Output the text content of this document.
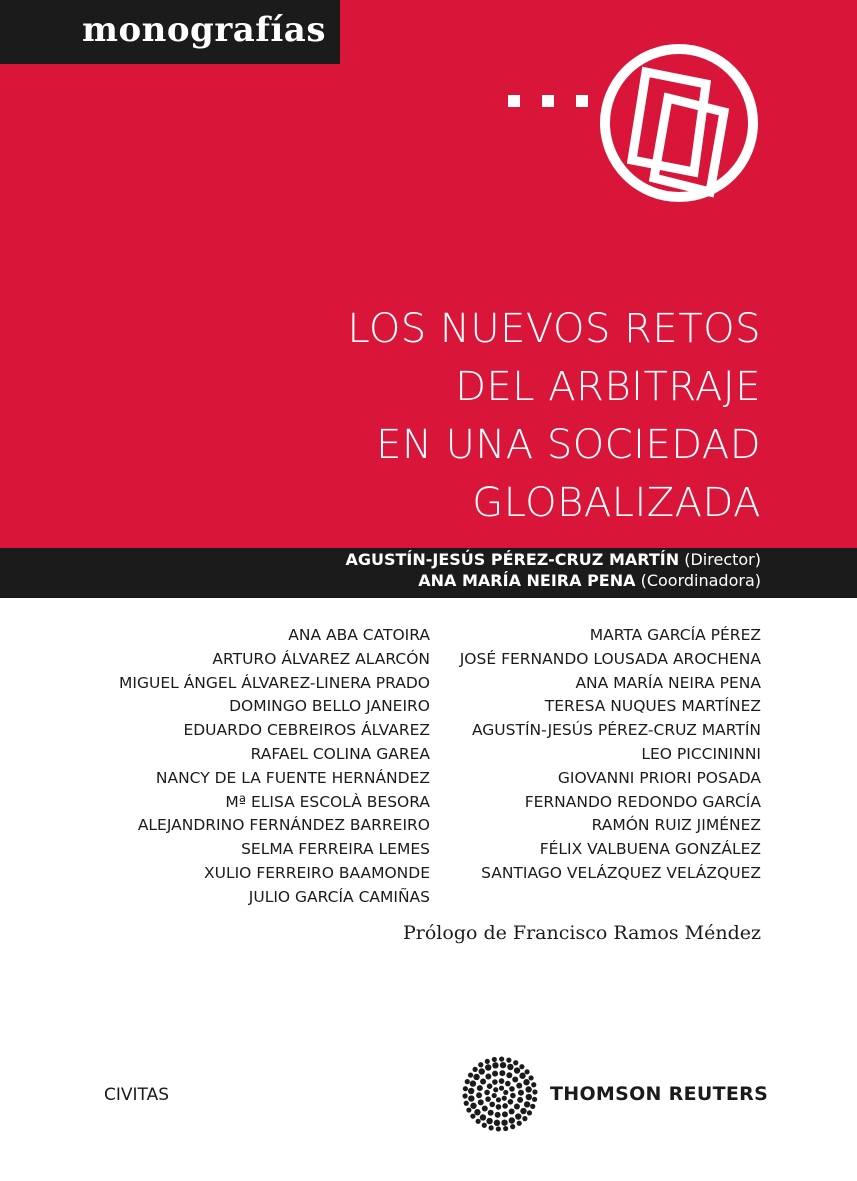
monografías
LOS NUEVOS RETOS
DEL ARBITRAJE
EN UNA SOCIEDAD
GLOBALIZADA
AGUSTÍN-JESÚS PÉREZ-CRUZ MARTÍN (Director)
ANA MARÍA NEIRA PENA (Coordinadora)
ANA ABA CATOIRA
ARTURO ÁLVAREZ ALARCÓN
MIGUEL ÁNGEL ÁLVAREZ-LINERA PRADO
DOMINGO BELLO JANEIRO
EDUARDO CEBREIROS ÁLVAREZ
RAFAEL COLINA GAREA
NANCY DE LA FUENTE HERNÁNDEZ
Mª ELISA ESCOLÀ BESORA
ALEJANDRINO FERNÁNDEZ BARREIRO
SELMA FERREIRA LEMES
XULIO FERREIRO BAAMONDE
JULIO GARCÍA CAMIÑAS
MARTA GARCÍA PÉREZ
JOSÉ FERNANDO LOUSADA AROCHENA
ANA MARÍA NEIRA PENA
TERESA NUQUES MARTÍNEZ
AGUSTÍN-JESÚS PÉREZ-CRUZ MARTÍN
LEO PICCININNI
GIOVANNI PRIORI POSADA
FERNANDO REDONDO GARCÍA
RAMÓN RUIZ JIMÉNEZ
FÉLIX VALBUENA GONZÁLEZ
SANTIAGO VELÁZQUEZ VELÁZQUEZ
Prólogo de Francisco Ramos Méndez
CIVITAS	THOMSON REUTERS
